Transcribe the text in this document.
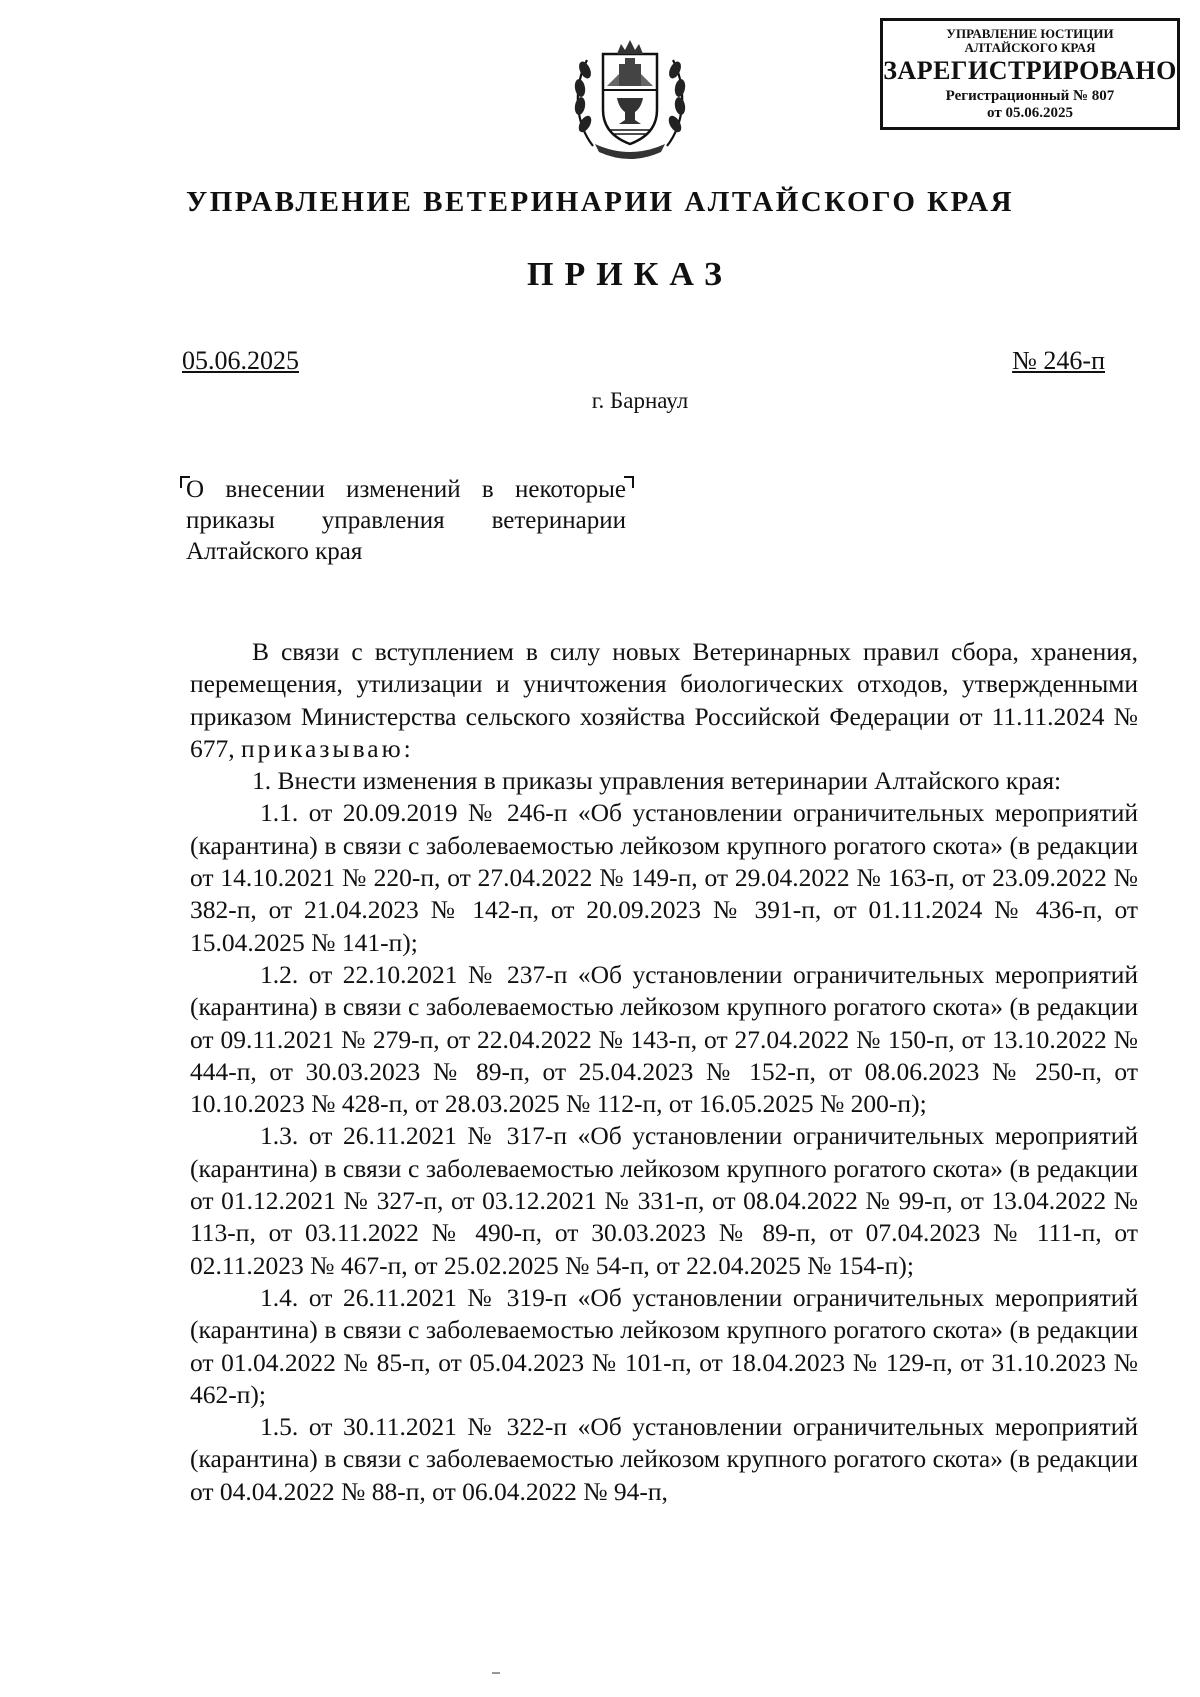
УПРАВЛЕНИЕ ЮСТИЦИИ
АЛТАЙСКОГО КРАЯ
ЗАРЕГИСТРИРОВАНО
Регистрационный № 807
от 05.06.2025
УПРАВЛЕНИЕ ВЕТЕРИНАРИИ АЛТАЙСКОГО КРАЯ
ПРИКАЗ
05.06.2025	№ 246-п
г. Барнаул
О внесении изменений в некоторые приказы управления ветеринарии Алтайского края

В связи с вступлением в силу новых Ветеринарных правил сбора, хранения, перемещения, утилизации и уничтожения биологических отходов, утвержденными приказом Министерства сельского хозяйства Российской Федерации от 11.11.2024 № 677, приказываю:

1. Внести изменения в приказы управления ветеринарии Алтайского края:

1.1. от 20.09.2019 № 246-п «Об установлении ограничительных мероприятий (карантина) в связи с заболеваемостью лейкозом крупного рогатого скота» (в редакции от 14.10.2021 № 220-п, от 27.04.2022 № 149-п, от 29.04.2022 № 163-п, от 23.09.2022 № 382-п, от 21.04.2023 № 142-п, от 20.09.2023 № 391-п, от 01.11.2024 № 436-п, от 15.04.2025 № 141-п);

1.2. от 22.10.2021 № 237-п «Об установлении ограничительных мероприятий (карантина) в связи с заболеваемостью лейкозом крупного рогатого скота» (в редакции от 09.11.2021 № 279-п, от 22.04.2022 № 143-п, от 27.04.2022 № 150-п, от 13.10.2022 № 444-п, от 30.03.2023 № 89-п, от 25.04.2023 № 152-п, от 08.06.2023 № 250-п, от 10.10.2023 № 428-п, от 28.03.2025 № 112-п, от 16.05.2025 № 200-п);

1.3. от 26.11.2021 № 317-п «Об установлении ограничительных мероприятий (карантина) в связи с заболеваемостью лейкозом крупного рогатого скота» (в редакции от 01.12.2021 № 327-п, от 03.12.2021 № 331-п, от 08.04.2022 № 99-п, от 13.04.2022 № 113-п, от 03.11.2022 № 490-п, от 30.03.2023 № 89-п, от 07.04.2023 № 111-п, от 02.11.2023 № 467-п, от 25.02.2025 № 54-п, от 22.04.2025 № 154-п);

1.4. от 26.11.2021 № 319-п «Об установлении ограничительных мероприятий (карантина) в связи с заболеваемостью лейкозом крупного рогатого скота» (в редакции от 01.04.2022 № 85-п, от 05.04.2023 № 101-п, от 18.04.2023 № 129-п, от 31.10.2023 № 462-п);

1.5. от 30.11.2021 № 322-п «Об установлении ограничительных мероприятий (карантина) в связи с заболеваемостью лейкозом крупного рогатого скота» (в редакции от 04.04.2022 № 88-п, от 06.04.2022 № 94-п,
